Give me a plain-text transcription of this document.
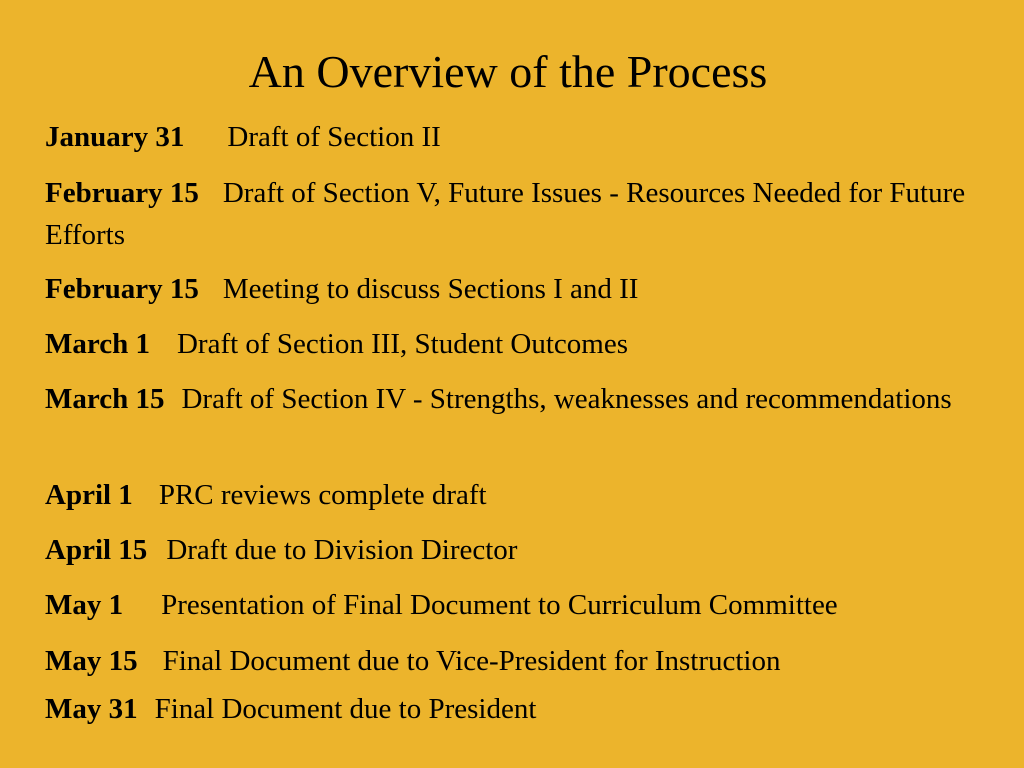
An Overview of the Process
January 31 Draft of Section II
February 15 Draft of Section V, Future Issues - Resources Needed for Future Efforts
February 15 Meeting to discuss Sections I and II
March 1 Draft of Section III, Student Outcomes
March 15 Draft of Section IV - Strengths, weaknesses and recommendations
April 1 PRC reviews complete draft
April 15 Draft due to Division Director
May 1 Presentation of Final Document to Curriculum Committee
May 15 Final Document due to Vice-President for Instruction
May 31 Final Document due to President
